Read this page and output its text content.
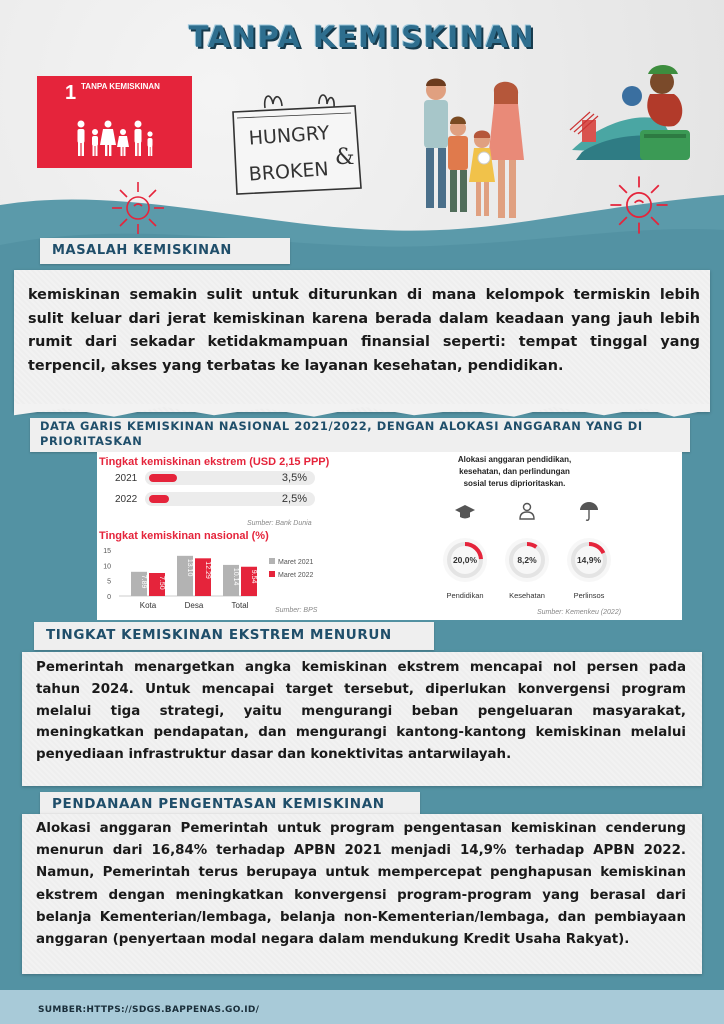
TANPA KEMISKINAN
1 TANPA KEMISKINAN
HUNGRY
&
BROKEN
MASALAH KEMISKINAN

kemiskinan semakin sulit untuk diturunkan di mana kelompok termiskin lebih sulit keluar dari jerat kemiskinan karena berada dalam keadaan yang jauh lebih rumit dari sekadar ketidakmampuan finansial seperti: tempat tinggal yang terpencil, akses yang terbatas ke layanan kesehatan, pendidikan.

DATA GARIS KEMISKINAN NASIONAL 2021/2022, DENGAN ALOKASI ANGGARAN YANG DI PRIORITASKAN
Tingkat kemiskinan ekstrem (USD 2,15 PPP)
2021	3,5%
2022	2,5%
Sumber: Bank Dunia
Tingkat kemiskinan nasional (%)
0
5
10
15
7.89 7.50
Kota
13.10 12.29
Desa
10.14 9.54
Total
Maret 2021
Maret 2022
Sumber: BPS
Alokasi anggaran pendidikan, kesehatan, dan perlindungan sosial terus diprioritaskan.
20,0%
Pendidikan
8,2%
Kesehatan
14,9%
Perlinsos
Sumber: Kemenkeu (2022)
TINGKAT KEMISKINAN EKSTREM MENURUN

Pemerintah menargetkan angka kemiskinan ekstrem mencapai nol persen pada tahun 2024. Untuk mencapai target tersebut, diperlukan konvergensi program melalui tiga strategi, yaitu mengurangi beban pengeluaran masyarakat, meningkatkan pendapatan, dan mengurangi kantong-kantong kemiskinan melalui penyediaan infrastruktur dasar dan konektivitas antarwilayah.

PENDANAAN PENGENTASAN KEMISKINAN

Alokasi anggaran Pemerintah untuk program pengentasan kemiskinan cenderung menurun dari 16,84% terhadap APBN 2021 menjadi 14,9% terhadap APBN 2022. Namun, Pemerintah terus berupaya untuk mempercepat penghapusan kemiskinan ekstrem dengan meningkatkan konvergensi program-program yang berasal dari belanja Kementerian/lembaga, belanja non-Kementerian/lembaga, dan pembiayaan anggaran (penyertaan modal negara dalam mendukung Kredit Usaha Rakyat).

SUMBER:HTTPS://SDGS.BAPPENAS.GO.ID/
